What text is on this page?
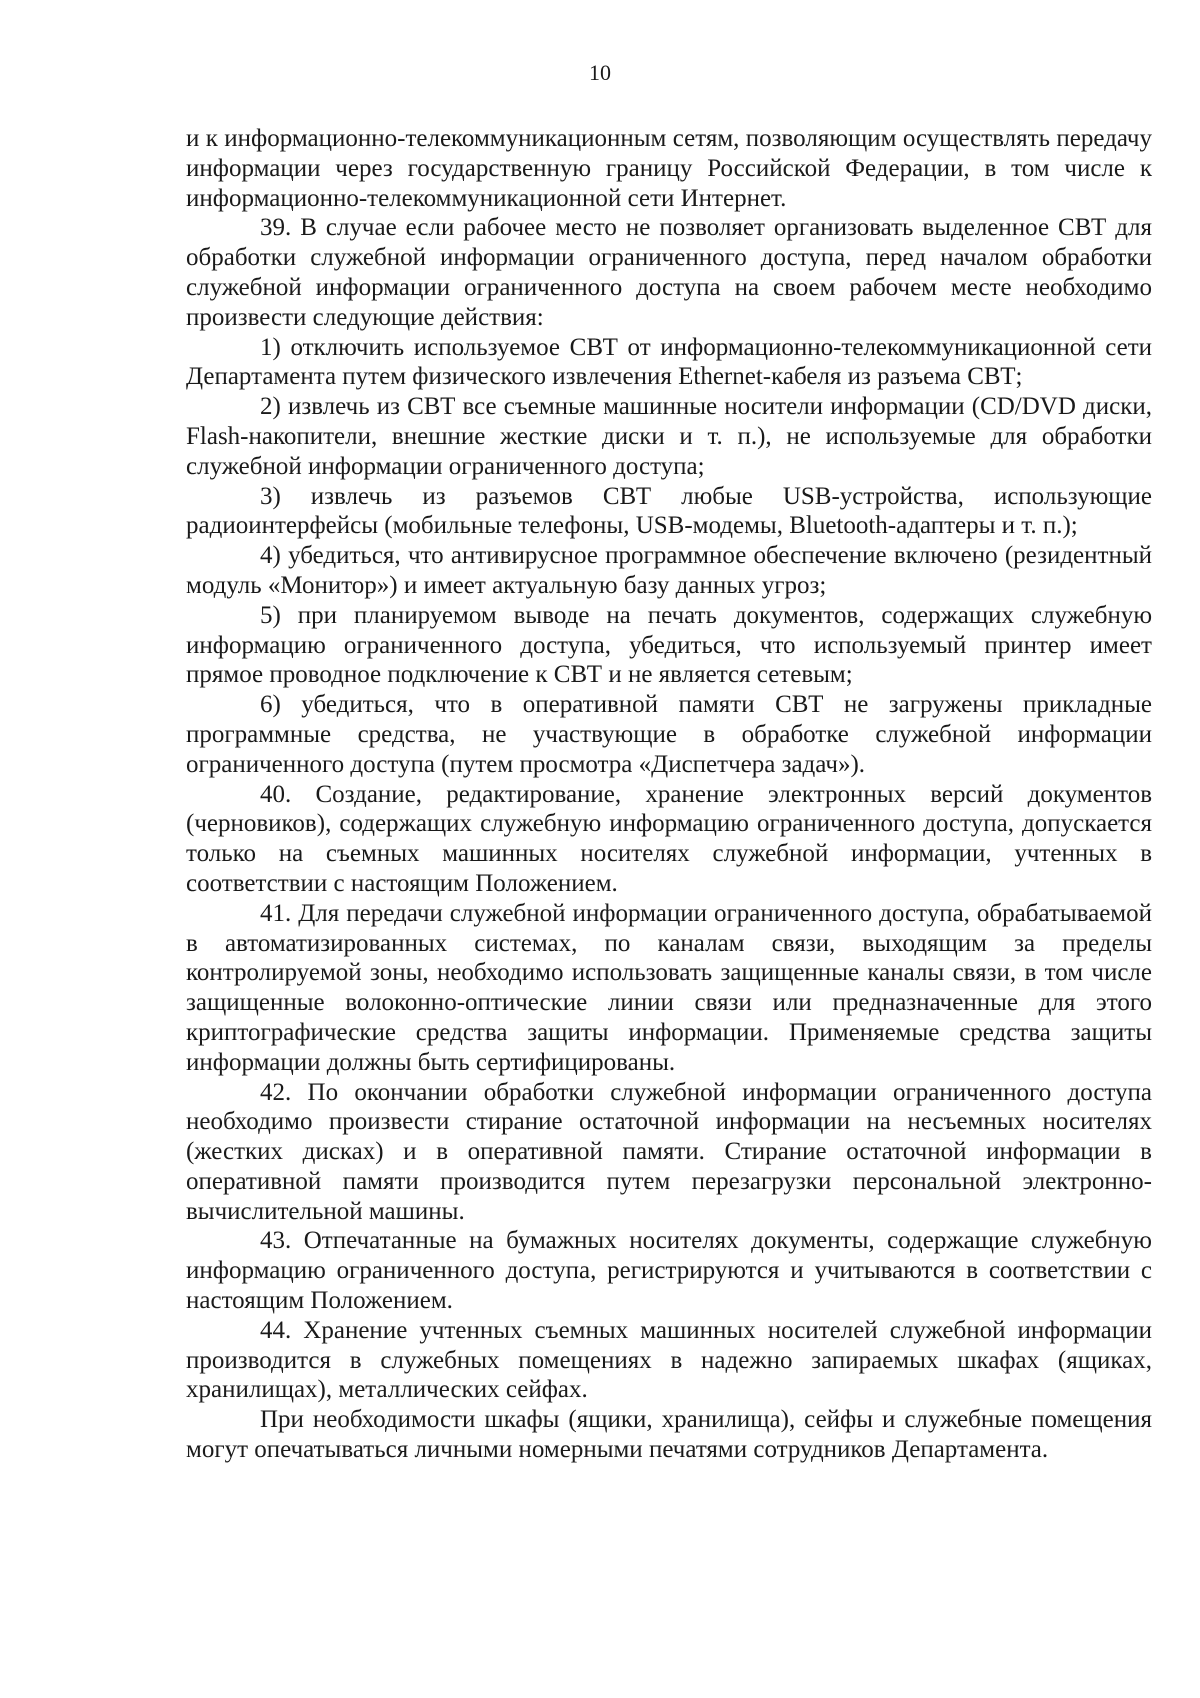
10

и к информационно-телекоммуникационным сетям, позволяющим осуществлять передачу информации через государственную границу Российской Федерации, в том числе к информационно-телекоммуникационной сети Интернет.

39. В случае если рабочее место не позволяет организовать выделенное СВТ для обработки служебной информации ограниченного доступа, перед началом обработки служебной информации ограниченного доступа на своем рабочем месте необходимо произвести следующие действия:

1) отключить используемое СВТ от информационно-телекоммуникационной сети Департамента путем физического извлечения Ethernet-кабеля из разъема СВТ;

2) извлечь из СВТ все съемные машинные носители информации (CD/DVD диски, Flash-накопители, внешние жесткие диски и т. п.), не используемые для обработки служебной информации ограниченного доступа;

3) извлечь из разъемов СВТ любые USB-устройства, использующие радиоинтерфейсы (мобильные телефоны, USB-модемы, Bluetooth-адаптеры и т. п.);

4) убедиться, что антивирусное программное обеспечение включено (резидентный модуль «Монитор») и имеет актуальную базу данных угроз;

5) при планируемом выводе на печать документов, содержащих служебную информацию ограниченного доступа, убедиться, что используемый принтер имеет прямое проводное подключение к СВТ и не является сетевым;

6) убедиться, что в оперативной памяти СВТ не загружены прикладные программные средства, не участвующие в обработке служебной информации ограниченного доступа (путем просмотра «Диспетчера задач»).

40. Создание, редактирование, хранение электронных версий документов (черновиков), содержащих служебную информацию ограниченного доступа, допускается только на съемных машинных носителях служебной информации, учтенных в соответствии с настоящим Положением.

41. Для передачи служебной информации ограниченного доступа, обрабатываемой в автоматизированных системах, по каналам связи, выходящим за пределы контролируемой зоны, необходимо использовать защищенные каналы связи, в том числе защищенные волоконно-оптические линии связи или предназначенные для этого криптографические средства защиты информации. Применяемые средства защиты информации должны быть сертифицированы.

42. По окончании обработки служебной информации ограниченного доступа необходимо произвести стирание остаточной информации на несъемных носителях (жестких дисках) и в оперативной памяти. Стирание остаточной информации в оперативной памяти производится путем перезагрузки персональной электронно-вычислительной машины.

43. Отпечатанные на бумажных носителях документы, содержащие служебную информацию ограниченного доступа, регистрируются и учитываются в соответствии с настоящим Положением.

44. Хранение учтенных съемных машинных носителей служебной информации производится в служебных помещениях в надежно запираемых шкафах (ящиках, хранилищах), металлических сейфах.

При необходимости шкафы (ящики, хранилища), сейфы и служебные помещения могут опечатываться личными номерными печатями сотрудников Департамента.
